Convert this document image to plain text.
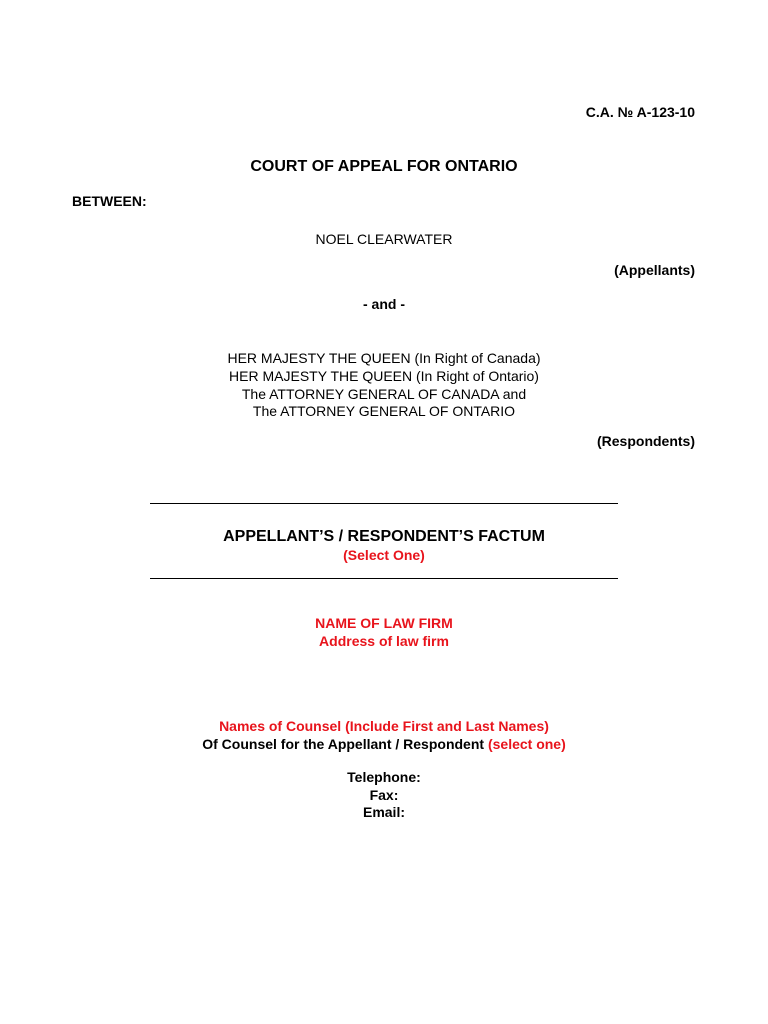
C.A. № A-123-10
COURT OF APPEAL FOR ONTARIO
BETWEEN:
NOEL CLEARWATER
(Appellants)
- and -
HER MAJESTY THE QUEEN (In Right of Canada)
HER MAJESTY THE QUEEN (In Right of Ontario)
The ATTORNEY GENERAL OF CANADA and
The ATTORNEY GENERAL OF ONTARIO
(Respondents)
APPELLANT’S / RESPONDENT’S FACTUM
(Select One)
NAME OF LAW FIRM
Address of law firm
Names of Counsel (Include First and Last Names)
Of Counsel for the Appellant / Respondent (select one)
Telephone:
Fax:
Email:
